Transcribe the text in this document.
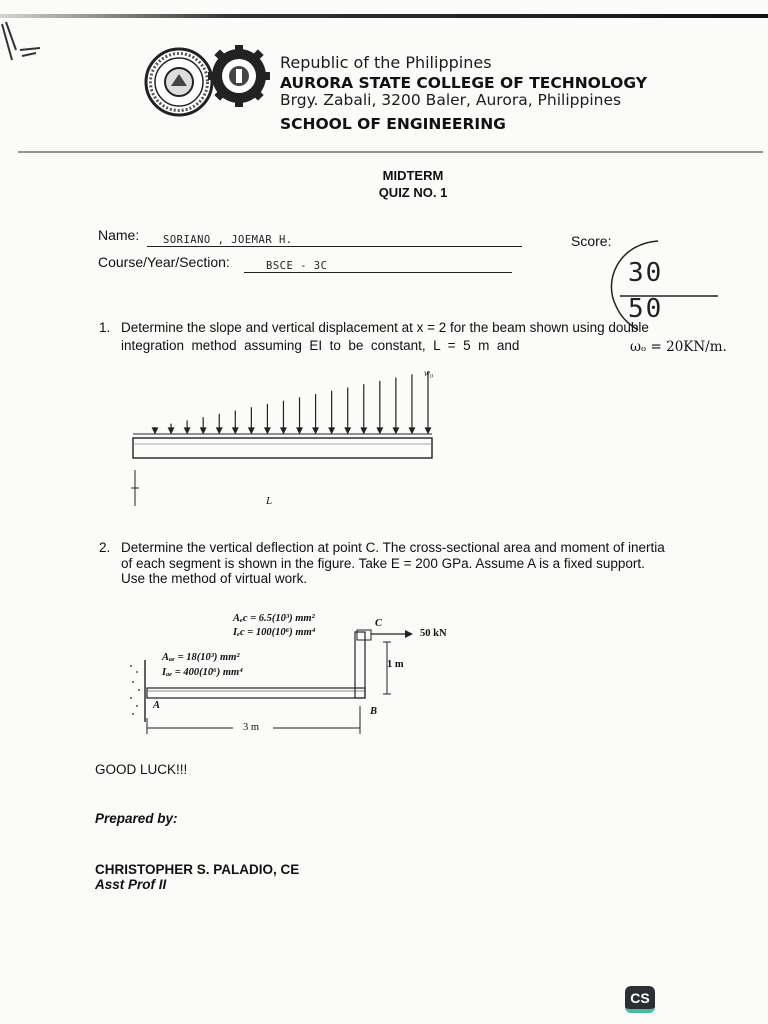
Republic of the Philippines
AURORA STATE COLLEGE OF TECHNOLOGY
Brgy. Zabali, 3200 Baler, Aurora, Philippines
SCHOOL OF ENGINEERING
MIDTERM
QUIZ NO. 1
Name:	SORIANO , JOEMAR H.
Course/Year/Section:	BSCE - 3C
Score:
30
50
1. Determine the slope and vertical displacement at x = 2 for the beam shown using double
integration  method  assuming  EI  to  be  constant,  L  =  5  m  and	ωₒ = 20KN/m.
w₀
L
2. Determine the vertical deflection at point C. The cross-sectional area and moment of inertia
of each segment is shown in the figure. Take E = 200 GPa. Assume A is a fixed support.
Use the method of virtual work.
Aₑc = 6.5(10³) mm²
Iₑc = 100(10⁶) mm⁴
Aₐₑ = 18(10³) mm²
Iₐₑ = 400(10⁶) mm⁴
A
B
C
50 kN
1 m
3 m
GOOD LUCK!!!
Prepared by:
CHRISTOPHER S. PALADIO, CE
Asst Prof II
CS
